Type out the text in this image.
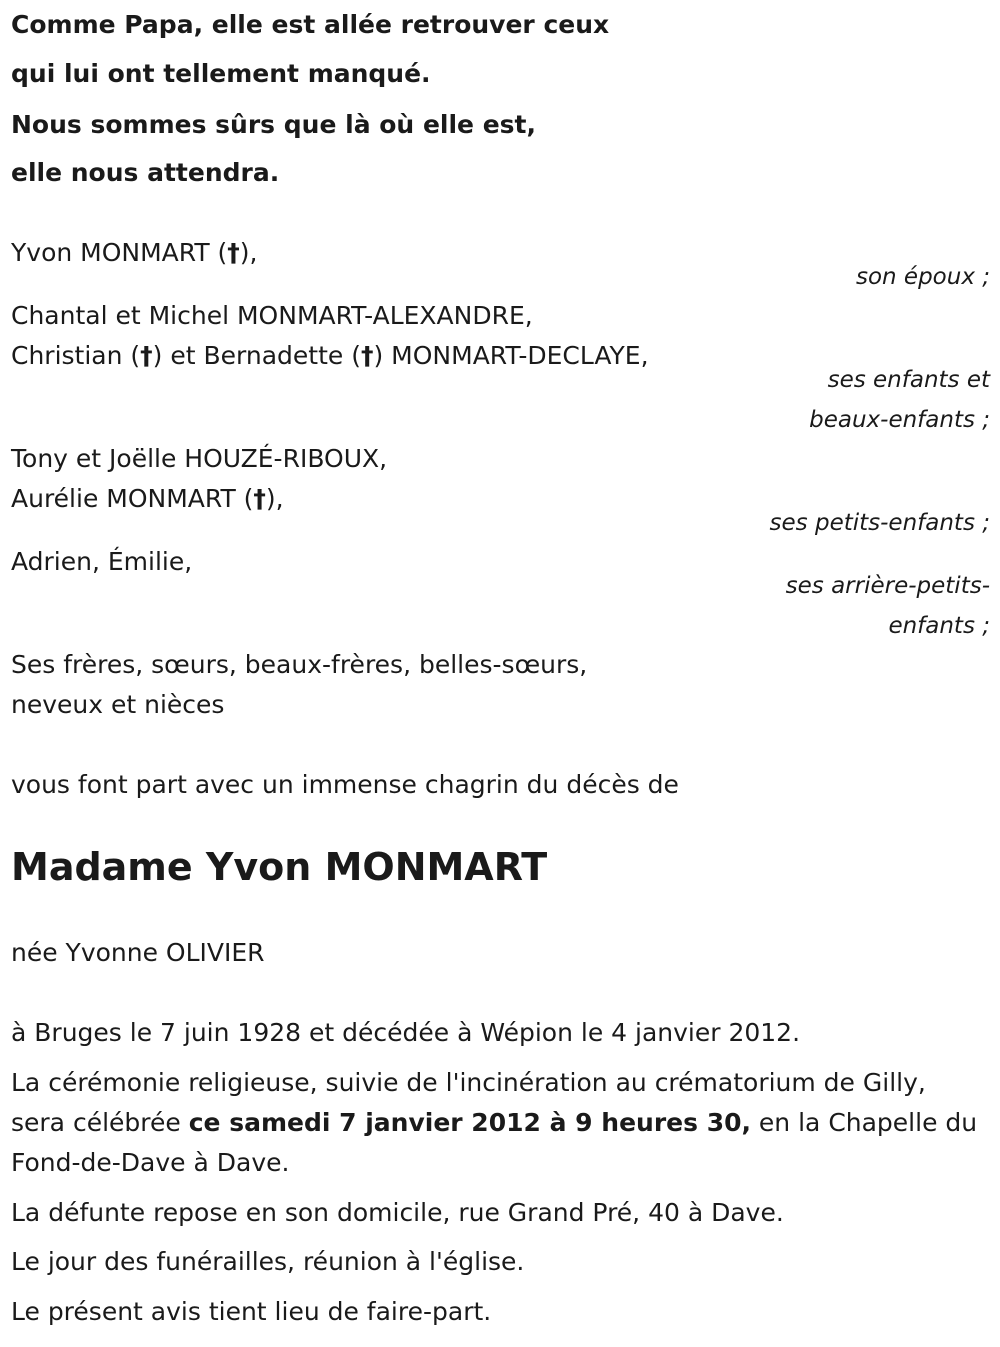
Comme Papa, elle est allée retrouver ceux
qui lui ont tellement manqué.
Nous sommes sûrs que là où elle est,
elle nous attendra.
Yvon MONMART (†),
son époux ;
Chantal et Michel MONMART-ALEXANDRE,
Christian (†) et Bernadette (†) MONMART-DECLAYE,
ses enfants et
beaux-enfants ;
Tony et Joëlle HOUZÉ-RIBOUX,
Aurélie MONMART (†),
ses petits-enfants ;
Adrien, Émilie,
ses arrière-petits-
enfants ;
Ses frères, sœurs, beaux-frères, belles-sœurs,
neveux et nièces
vous font part avec un immense chagrin du décès de
Madame Yvon MONMART
née Yvonne OLIVIER
à Bruges le 7 juin 1928 et décédée à Wépion le 4 janvier 2012.
La cérémonie religieuse, suivie de l'incinération au crématorium de Gilly,
sera célébrée ce samedi 7 janvier 2012 à 9 heures 30, en la Chapelle du
Fond-de-Dave à Dave.
La défunte repose en son domicile, rue Grand Pré, 40 à Dave.
Le jour des funérailles, réunion à l'église.
Le présent avis tient lieu de faire-part.
